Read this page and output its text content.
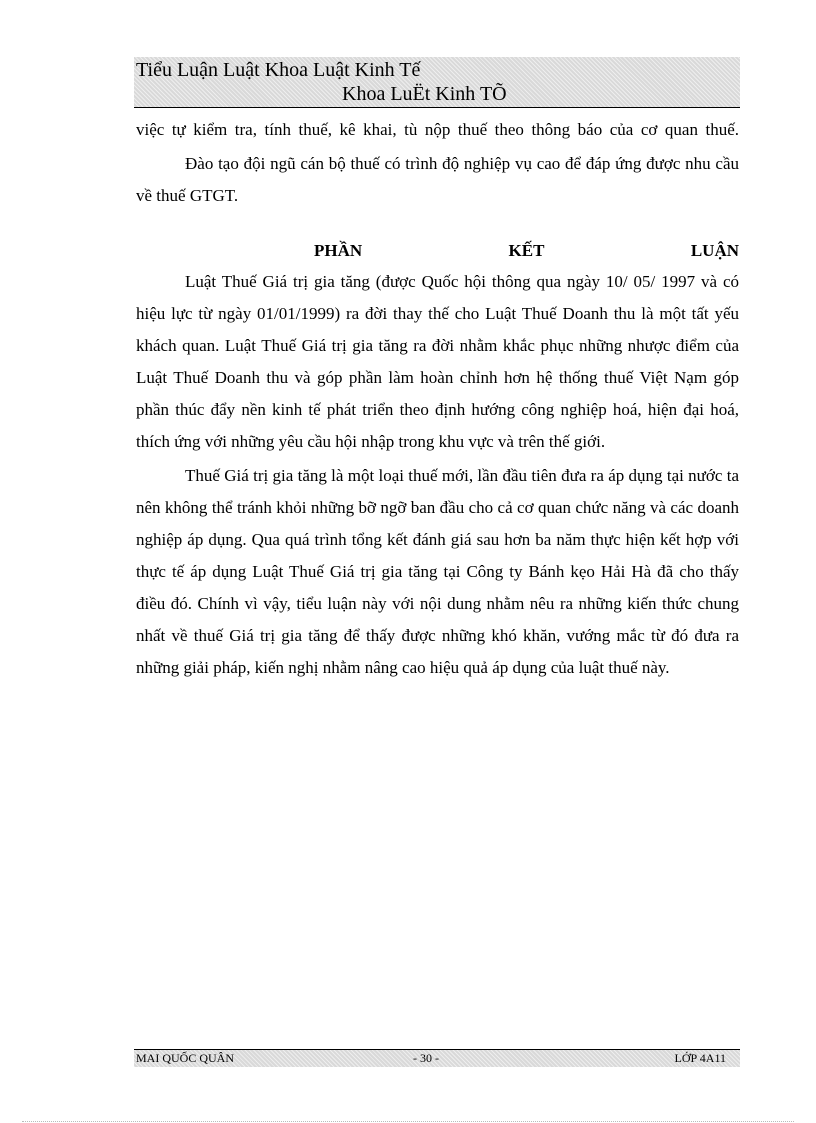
Tiểu Luận Luật Khoa Luật Kinh Tế
Khoa LuËt Kinh TÕ

việc tự kiểm tra, tính thuế, kê khai, tù nộp thuế theo thông báo của cơ quan thuế.

Đào tạo đội ngũ cán bộ thuế có trình độ nghiệp vụ cao để đáp ứng được nhu cầu về thuế GTGT.

PHẦN	KẾT	LUẬN

Luật Thuế Giá trị gia tăng (được Quốc hội thông qua ngày 10/ 05/ 1997 và có hiệu lực từ ngày 01/01/1999) ra đời thay thế cho Luật Thuế Doanh thu là một tất yếu khách quan. Luật Thuế Giá trị gia tăng ra đời nhằm khắc phục những nhược điểm của Luật Thuế Doanh thu và góp phần làm hoàn chỉnh hơn hệ thống thuế Việt Nạm góp phần thúc đẩy nền kinh tế phát triển theo định hướng công nghiệp hoá, hiện đại hoá, thích ứng với những yêu cầu hội nhập trong khu vực và trên thế giới.

Thuế Giá trị gia tăng là một loại thuế mới, lần đầu tiên đưa ra áp dụng tại nước ta nên không thể tránh khỏi những bỡ ngỡ ban đầu cho cả cơ quan chức năng và các doanh nghiệp áp dụng. Qua quá trình tổng kết đánh giá sau hơn ba năm thực hiện kết hợp với thực tế áp dụng Luật Thuế Giá trị gia tăng tại Công ty Bánh kẹo Hải Hà đã cho thấy điều đó. Chính vì vậy, tiểu luận này với nội dung nhằm nêu ra những kiến thức chung nhất về thuế Giá trị gia tăng để thấy được những khó khăn, vướng mắc từ đó đưa ra những giải pháp, kiến nghị nhằm nâng cao hiệu quả áp dụng của luật thuế này.

MAI QUỐC QUÂN	- 30 -	LỚP 4A11
